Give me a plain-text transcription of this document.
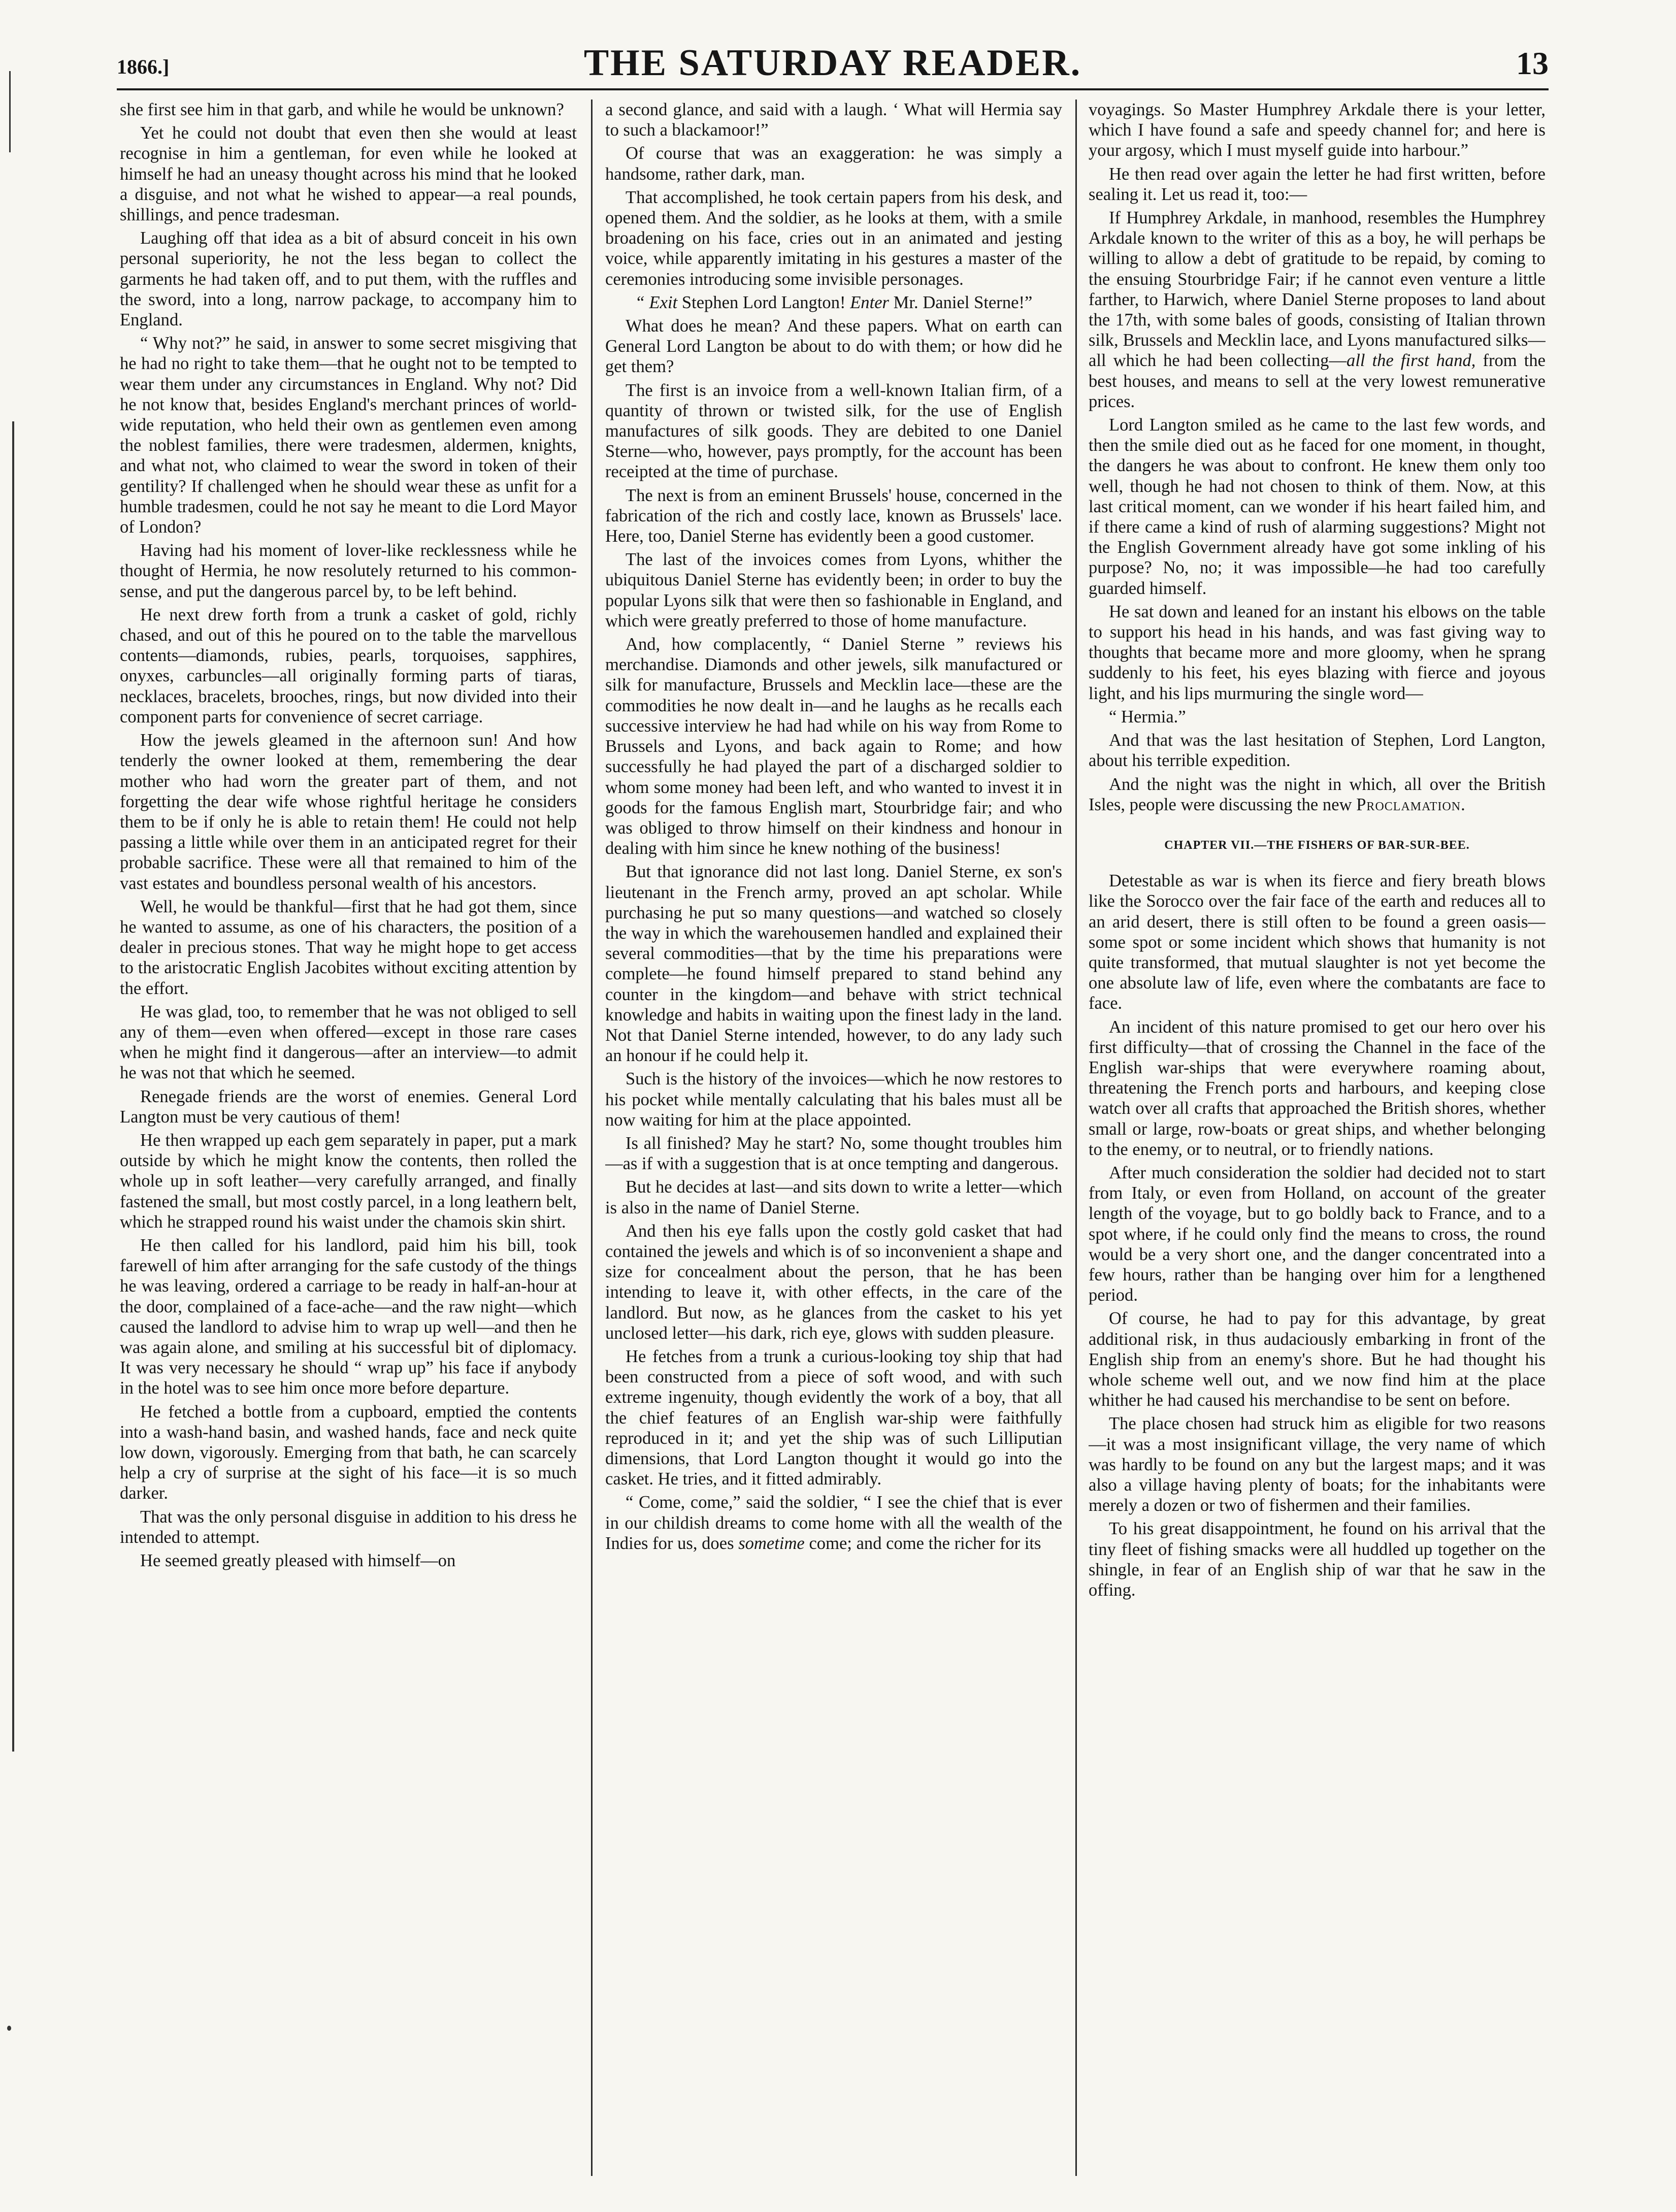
1866.]	THE SATURDAY READER.	13

she first see him in that garb, and while he would be unknown?

Yet he could not doubt that even then she would at least recognise in him a gentleman, for even while he looked at himself he had an uneasy thought across his mind that he looked a disguise, and not what he wished to appear—a real pounds, shillings, and pence tradesman.

Laughing off that idea as a bit of absurd conceit in his own personal superiority, he not the less began to collect the garments he had taken off, and to put them, with the ruffles and the sword, into a long, narrow package, to accompany him to England.

“ Why not?” he said, in answer to some secret misgiving that he had no right to take them—that he ought not to be tempted to wear them under any circumstances in England. Why not? Did he not know that, besides England's merchant princes of world-wide reputation, who held their own as gentlemen even among the noblest families, there were tradesmen, aldermen, knights, and what not, who claimed to wear the sword in token of their gentility? If challenged when he should wear these as unfit for a humble tradesmen, could he not say he meant to die Lord Mayor of London?

Having had his moment of lover-like recklessness while he thought of Hermia, he now resolutely returned to his common-sense, and put the dangerous parcel by, to be left behind.

He next drew forth from a trunk a casket of gold, richly chased, and out of this he poured on to the table the marvellous contents—diamonds, rubies, pearls, torquoises, sapphires, onyxes, carbuncles—all originally forming parts of tiaras, necklaces, bracelets, brooches, rings, but now divided into their component parts for convenience of secret carriage.

How the jewels gleamed in the afternoon sun! And how tenderly the owner looked at them, remembering the dear mother who had worn the greater part of them, and not forgetting the dear wife whose rightful heritage he considers them to be if only he is able to retain them! He could not help passing a little while over them in an anticipated regret for their probable sacrifice. These were all that remained to him of the vast estates and boundless personal wealth of his ancestors.

Well, he would be thankful—first that he had got them, since he wanted to assume, as one of his characters, the position of a dealer in precious stones. That way he might hope to get access to the aristocratic English Jacobites without exciting attention by the effort.

He was glad, too, to remember that he was not obliged to sell any of them—even when offered—except in those rare cases when he might find it dangerous—after an interview—to admit he was not that which he seemed.

Renegade friends are the worst of enemies. General Lord Langton must be very cautious of them!

He then wrapped up each gem separately in paper, put a mark outside by which he might know the contents, then rolled the whole up in soft leather—very carefully arranged, and finally fastened the small, but most costly parcel, in a long leathern belt, which he strapped round his waist under the chamois skin shirt.

He then called for his landlord, paid him his bill, took farewell of him after arranging for the safe custody of the things he was leaving, ordered a carriage to be ready in half-an-hour at the door, complained of a face-ache—and the raw night—which caused the landlord to advise him to wrap up well—and then he was again alone, and smiling at his successful bit of diplomacy. It was very necessary he should “ wrap up” his face if anybody in the hotel was to see him once more before departure.

He fetched a bottle from a cupboard, emptied the contents into a wash-hand basin, and washed hands, face and neck quite low down, vigorously. Emerging from that bath, he can scarcely help a cry of surprise at the sight of his face—it is so much darker.

That was the only personal disguise in addition to his dress he intended to attempt.

He seemed greatly pleased with himself—on

a second glance, and said with a laugh. ‘ What will Hermia say to such a blackamoor!”

Of course that was an exaggeration: he was simply a handsome, rather dark, man.

That accomplished, he took certain papers from his desk, and opened them. And the soldier, as he looks at them, with a smile broadening on his face, cries out in an animated and jesting voice, while apparently imitating in his gestures a master of the ceremonies introducing some invisible personages.

“ Exit Stephen Lord Langton! Enter Mr. Daniel Sterne!”

What does he mean? And these papers. What on earth can General Lord Langton be about to do with them; or how did he get them?

The first is an invoice from a well-known Italian firm, of a quantity of thrown or twisted silk, for the use of English manufactures of silk goods. They are debited to one Daniel Sterne—who, however, pays promptly, for the account has been receipted at the time of purchase.

The next is from an eminent Brussels' house, concerned in the fabrication of the rich and costly lace, known as Brussels' lace. Here, too, Daniel Sterne has evidently been a good customer.

The last of the invoices comes from Lyons, whither the ubiquitous Daniel Sterne has evidently been; in order to buy the popular Lyons silk that were then so fashionable in England, and which were greatly preferred to those of home manufacture.

And, how complacently, “ Daniel Sterne ” reviews his merchandise. Diamonds and other jewels, silk manufactured or silk for manufacture, Brussels and Mecklin lace—these are the commodities he now dealt in—and he laughs as he recalls each successive interview he had had while on his way from Rome to Brussels and Lyons, and back again to Rome; and how successfully he had played the part of a discharged soldier to whom some money had been left, and who wanted to invest it in goods for the famous English mart, Stourbridge fair; and who was obliged to throw himself on their kindness and honour in dealing with him since he knew nothing of the business!

But that ignorance did not last long. Daniel Sterne, ex son's lieutenant in the French army, proved an apt scholar. While purchasing he put so many questions—and watched so closely the way in which the warehousemen handled and explained their several commodities—that by the time his preparations were complete—he found himself prepared to stand behind any counter in the kingdom—and behave with strict technical knowledge and habits in waiting upon the finest lady in the land. Not that Daniel Sterne intended, however, to do any lady such an honour if he could help it.

Such is the history of the invoices—which he now restores to his pocket while mentally calculating that his bales must all be now waiting for him at the place appointed.

Is all finished? May he start? No, some thought troubles him—as if with a suggestion that is at once tempting and dangerous.

But he decides at last—and sits down to write a letter—which is also in the name of Daniel Sterne.

And then his eye falls upon the costly gold casket that had contained the jewels and which is of so inconvenient a shape and size for concealment about the person, that he has been intending to leave it, with other effects, in the care of the landlord. But now, as he glances from the casket to his yet unclosed letter—his dark, rich eye, glows with sudden pleasure.

He fetches from a trunk a curious-looking toy ship that had been constructed from a piece of soft wood, and with such extreme ingenuity, though evidently the work of a boy, that all the chief features of an English war-ship were faithfully reproduced in it; and yet the ship was of such Lilliputian dimensions, that Lord Langton thought it would go into the casket. He tries, and it fitted admirably.

“ Come, come,” said the soldier, “ I see the chief that is ever in our childish dreams to come home with all the wealth of the Indies for us, does sometime come; and come the richer for its

voyagings. So Master Humphrey Arkdale there is your letter, which I have found a safe and speedy channel for; and here is your argosy, which I must myself guide into harbour.”

He then read over again the letter he had first written, before sealing it. Let us read it, too:—

If Humphrey Arkdale, in manhood, resembles the Humphrey Arkdale known to the writer of this as a boy, he will perhaps be willing to allow a debt of gratitude to be repaid, by coming to the ensuing Stourbridge Fair; if he cannot even venture a little farther, to Harwich, where Daniel Sterne proposes to land about the 17th, with some bales of goods, consisting of Italian thrown silk, Brussels and Mecklin lace, and Lyons manufactured silks—all which he had been collecting—all the first hand, from the best houses, and means to sell at the very lowest remunerative prices.

Lord Langton smiled as he came to the last few words, and then the smile died out as he faced for one moment, in thought, the dangers he was about to confront. He knew them only too well, though he had not chosen to think of them. Now, at this last critical moment, can we wonder if his heart failed him, and if there came a kind of rush of alarming suggestions? Might not the English Government already have got some inkling of his purpose? No, no; it was impossible—he had too carefully guarded himself.

He sat down and leaned for an instant his elbows on the table to support his head in his hands, and was fast giving way to thoughts that became more and more gloomy, when he sprang suddenly to his feet, his eyes blazing with fierce and joyous light, and his lips murmuring the single word—

“ Hermia.”

And that was the last hesitation of Stephen, Lord Langton, about his terrible expedition.

And the night was the night in which, all over the British Isles, people were discussing the new Proclamation.

CHAPTER VII.—THE FISHERS OF BAR-SUR-BEE.

Detestable as war is when its fierce and fiery breath blows like the Sorocco over the fair face of the earth and reduces all to an arid desert, there is still often to be found a green oasis—some spot or some incident which shows that humanity is not quite transformed, that mutual slaughter is not yet become the one absolute law of life, even where the combatants are face to face.

An incident of this nature promised to get our hero over his first difficulty—that of crossing the Channel in the face of the English war-ships that were everywhere roaming about, threatening the French ports and harbours, and keeping close watch over all crafts that approached the British shores, whether small or large, row-boats or great ships, and whether belonging to the enemy, or to neutral, or to friendly nations.

After much consideration the soldier had decided not to start from Italy, or even from Holland, on account of the greater length of the voyage, but to go boldly back to France, and to a spot where, if he could only find the means to cross, the round would be a very short one, and the danger concentrated into a few hours, rather than be hanging over him for a lengthened period.

Of course, he had to pay for this advantage, by great additional risk, in thus audaciously embarking in front of the English ship from an enemy's shore. But he had thought his whole scheme well out, and we now find him at the place whither he had caused his merchandise to be sent on before.

The place chosen had struck him as eligible for two reasons—it was a most insignificant village, the very name of which was hardly to be found on any but the largest maps; and it was also a village having plenty of boats; for the inhabitants were merely a dozen or two of fishermen and their families.

To his great disappointment, he found on his arrival that the tiny fleet of fishing smacks were all huddled up together on the shingle, in fear of an English ship of war that he saw in the offing.
